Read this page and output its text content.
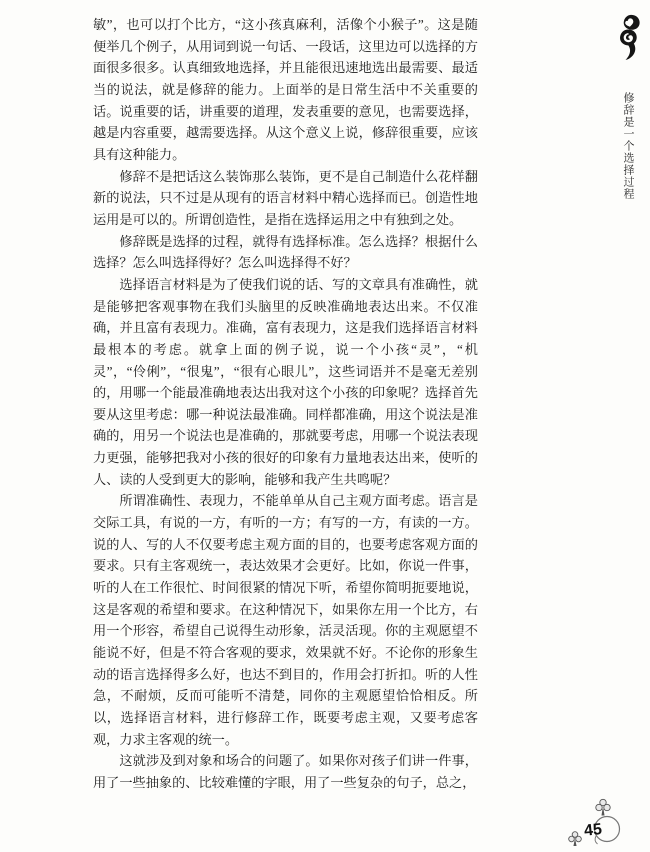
敏”，也可以打个比方，“这小孩真麻利，活像个小猴子”。这是随便举几个例子，从用词到说一句话、一段话，这里边可以选择的方面很多很多。认真细致地选择，并且能很迅速地选出最需要、最适当的说法，就是修辞的能力。上面举的是日常生活中不关重要的话。说重要的话，讲重要的道理，发表重要的意见，也需要选择，越是内容重要，越需要选择。从这个意义上说，修辞很重要，应该具有这种能力。

修辞不是把话这么装饰那么装饰，更不是自己制造什么花样翻新的说法，只不过是从现有的语言材料中精心选择而已。创造性地运用是可以的。所谓创造性，是指在选择运用之中有独到之处。

修辞既是选择的过程，就得有选择标准。怎么选择？根据什么选择？怎么叫选择得好？怎么叫选择得不好？

选择语言材料是为了使我们说的话、写的文章具有准确性，就是能够把客观事物在我们头脑里的反映准确地表达出来。不仅准确，并且富有表现力。准确，富有表现力，这是我们选择语言材料最根本的考虑。就拿上面的例子说，说一个小孩“灵”，“机灵”，“伶俐”，“很鬼”，“很有心眼儿”，这些词语并不是毫无差别的，用哪一个能最准确地表达出我对这个小孩的印象呢？选择首先要从这里考虑：哪一种说法最准确。同样都准确，用这个说法是准确的，用另一个说法也是准确的，那就要考虑，用哪一个说法表现力更强，能够把我对小孩的很好的印象有力量地表达出来，使听的人、读的人受到更大的影响，能够和我产生共鸣呢？

所谓准确性、表现力，不能单单从自己主观方面考虑。语言是交际工具，有说的一方，有听的一方；有写的一方，有读的一方。说的人、写的人不仅要考虑主观方面的目的，也要考虑客观方面的要求。只有主客观统一，表达效果才会更好。比如，你说一件事，听的人在工作很忙、时间很紧的情况下听，希望你简明扼要地说，这是客观的希望和要求。在这种情况下，如果你左用一个比方，右用一个形容，希望自己说得生动形象，活灵活现。你的主观愿望不能说不好，但是不符合客观的要求，效果就不好。不论你的形象生动的语言选择得多么好，也达不到目的，作用会打折扣。听的人性急，不耐烦，反而可能听不清楚，同你的主观愿望恰恰相反。所以，选择语言材料，进行修辞工作，既要考虑主观，又要考虑客观，力求主客观的统一。

这就涉及到对象和场合的问题了。如果你对孩子们讲一件事，用了一些抽象的、比较难懂的字眼，用了一些复杂的句子，总之，

修辞是一个选择过程
45
